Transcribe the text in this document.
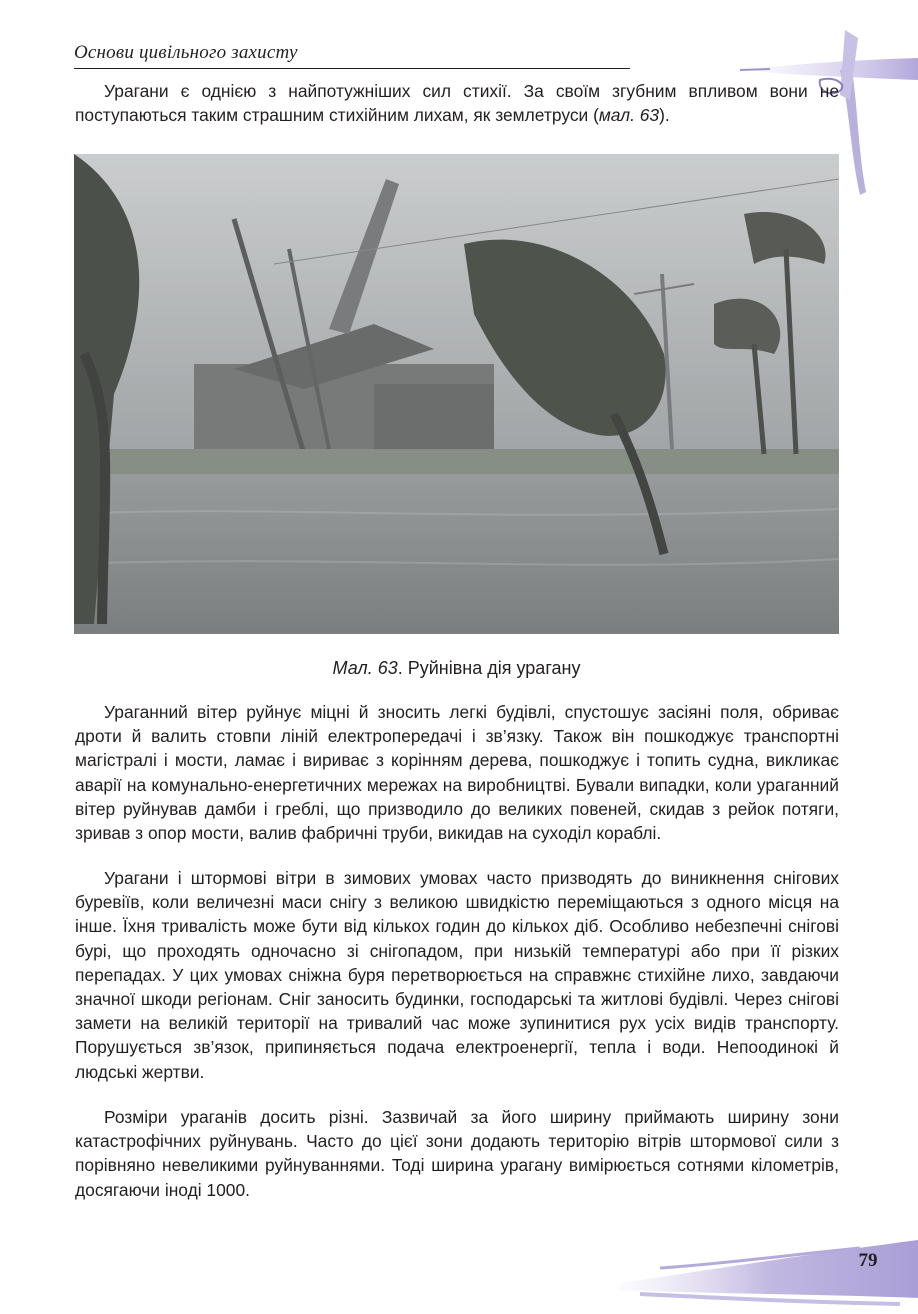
Основи цивільного захисту

Урагани є однією з найпотужніших сил стихії. За своїм згубним впливом вони не поступаються таким страшним стихійним лихам, як землетруси (мал. 63).

Мал. 63. Руйнівна дія урагану

Ураганний вітер руйнує міцні й зносить легкі будівлі, спустошує засіяні поля, обриває дроти й валить стовпи ліній електропередачі і зв’язку. Також він пошкоджує транспортні магістралі і мости, ламає і вириває з корінням дерева, пошкоджує і топить судна, викликає аварії на комунально-енергетичних мережах на виробництві. Бували випадки, коли ураганний вітер руйнував дамби і греблі, що призводило до великих повеней, скидав з рейок потяги, зривав з опор мости, валив фабричні труби, викидав на суходіл кораблі.

Урагани і штормові вітри в зимових умовах часто призводять до виникнення снігових буревіїв, коли величезні маси снігу з великою швидкістю переміщаються з одного місця на інше. Їхня тривалість може бути від кількох годин до кількох діб. Особливо небезпечні снігові бурі, що проходять одночасно зі снігопадом, при низькій температурі або при її різких перепадах. У цих умовах сніжна буря перетворюється на справжнє стихійне лихо, завдаючи значної шкоди регіонам. Сніг заносить будинки, господарські та житлові будівлі. Через снігові замети на великій території на тривалий час може зупинитися рух усіх видів транспорту. Порушується зв’язок, припиняється подача електроенергії, тепла і води. Непоодинокі й людські жертви.

Розміри ураганів досить різні. Зазвичай за його ширину приймають ширину зони катастрофічних руйнувань. Часто до цієї зони додають територію вітрів штормової сили з порівняно невеликими руйнуваннями. Тоді ширина урагану вимірюється сотнями кілометрів, досягаючи іноді 1000.

79
